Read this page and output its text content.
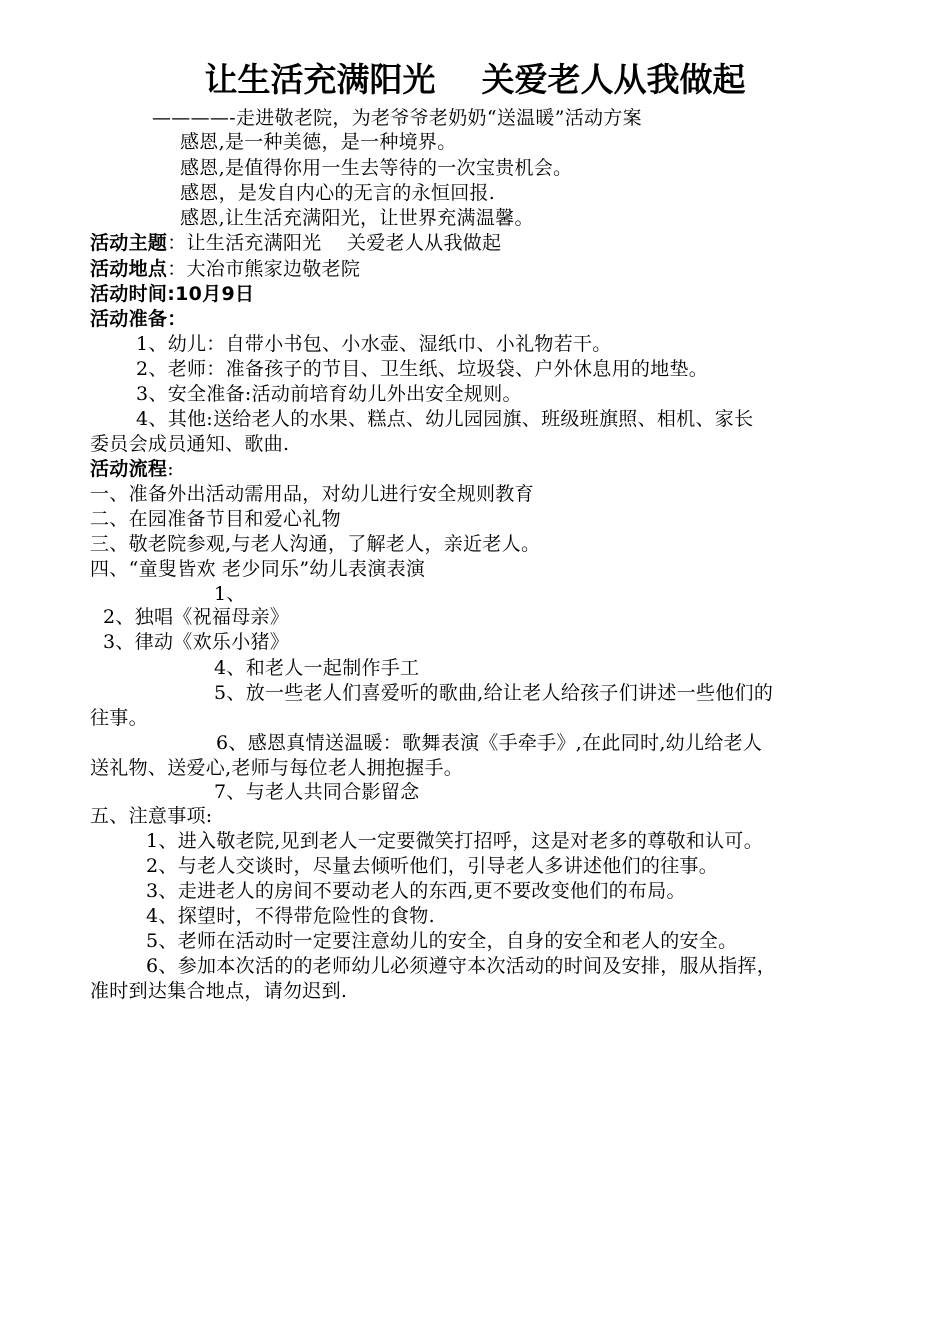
让生活充满阳光    关爱老人从我做起
————-走进敬老院，为老爷爷老奶奶“送温暖”活动方案
感恩,是一种美德，是一种境界。
感恩,是值得你用一生去等待的一次宝贵机会。
感恩，是发自内心的无言的永恒回报.
感恩,让生活充满阳光，让世界充满温馨。
活动主题：让生活充满阳光    关爱老人从我做起
活动地点：大冶市熊家边敬老院
活动时间:10月9日
活动准备：
1、幼儿：自带小书包、小水壶、湿纸巾、小礼物若干。
2、老师：准备孩子的节目、卫生纸、垃圾袋、户外休息用的地垫。
3、安全准备:活动前培育幼儿外出安全规则。
4、其他:送给老人的水果、糕点、幼儿园园旗、班级班旗照、相机、家长
委员会成员通知、歌曲.
活动流程:
一、准备外出活动需用品，对幼儿进行安全规则教育
二、在园准备节目和爱心礼物
三、敬老院参观,与老人沟通，了解老人，亲近老人。
四、“童叟皆欢 老少同乐”幼儿表演表演
1、
2、独唱《祝福母亲》
3、律动《欢乐小猪》
4、和老人一起制作手工
5、放一些老人们喜爱听的歌曲,给让老人给孩子们讲述一些他们的
往事。
6、感恩真情送温暖：歌舞表演《手牵手》,在此同时,幼儿给老人
送礼物、送爱心,老师与每位老人拥抱握手。
7、与老人共同合影留念
五、注意事项:
1、进入敬老院,见到老人一定要微笑打招呼，这是对老多的尊敬和认可。
2、与老人交谈时，尽量去倾听他们，引导老人多讲述他们的往事。
3、走进老人的房间不要动老人的东西,更不要改变他们的布局。
4、探望时，不得带危险性的食物.
5、老师在活动时一定要注意幼儿的安全，自身的安全和老人的安全。
6、参加本次活的的老师幼儿必须遵守本次活动的时间及安排，服从指挥，
准时到达集合地点，请勿迟到.
